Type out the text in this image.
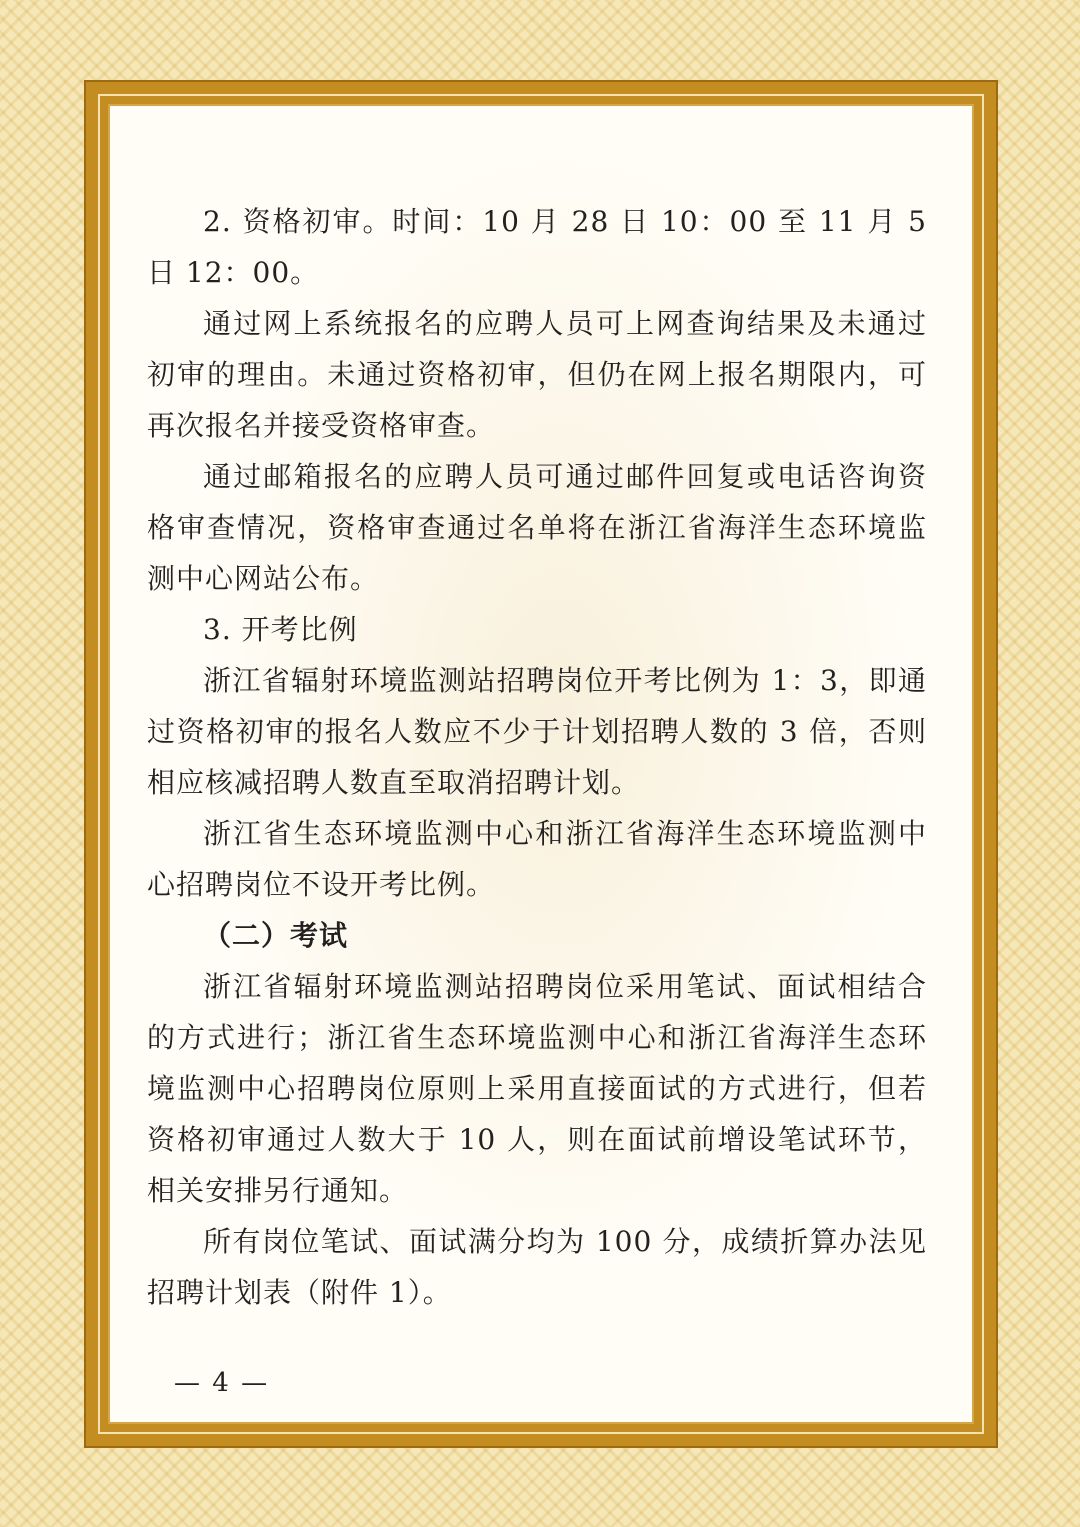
2. 资格初审。时间：10 月 28 日 10：00 至 11 月 5 日 12：00。

通过网上系统报名的应聘人员可上网查询结果及未通过初审的理由。未通过资格初审，但仍在网上报名期限内，可再次报名并接受资格审查。

通过邮箱报名的应聘人员可通过邮件回复或电话咨询资格审查情况，资格审查通过名单将在浙江省海洋生态环境监测中心网站公布。

3. 开考比例

浙江省辐射环境监测站招聘岗位开考比例为 1：3，即通过资格初审的报名人数应不少于计划招聘人数的 3 倍，否则相应核减招聘人数直至取消招聘计划。

浙江省生态环境监测中心和浙江省海洋生态环境监测中心招聘岗位不设开考比例。

（二）考试

浙江省辐射环境监测站招聘岗位采用笔试、面试相结合的方式进行；浙江省生态环境监测中心和浙江省海洋生态环境监测中心招聘岗位原则上采用直接面试的方式进行，但若资格初审通过人数大于 10 人，则在面试前增设笔试环节，相关安排另行通知。

所有岗位笔试、面试满分均为 100 分，成绩折算办法见招聘计划表（附件 1）。

— 4 —
